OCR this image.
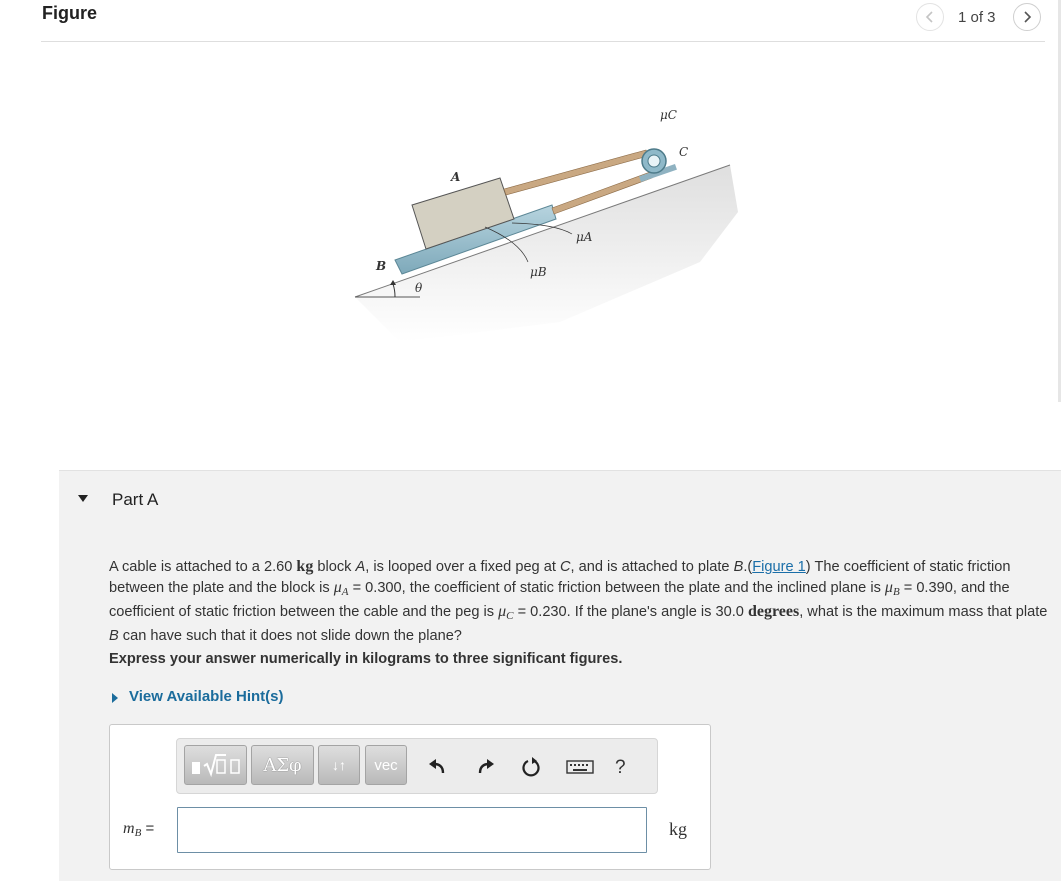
Figure	1 of 3
μC
C
A
μA
B
θ
μB
Part A
A cable is attached to a 2.60 kg block A, is looped over a fixed peg at C, and is attached to plate B.(Figure 1) The coefficient of static friction between the plate and the block is $\mu_A = 0.300$, the coefficient of static friction between the plate and the inclined plane is $\mu_B = 0.390$, and the coefficient of static friction between the cable and the peg is $\mu_C = 0.230$. If the plane's angle is 30.0 degrees, what is the maximum mass that plate B can have such that it does not slide down the plane?
Express your answer numerically in kilograms to three significant figures.
View Available Hint(s)
ΑΣφ	↓↑	vec	?
$m_B$ =	kg
